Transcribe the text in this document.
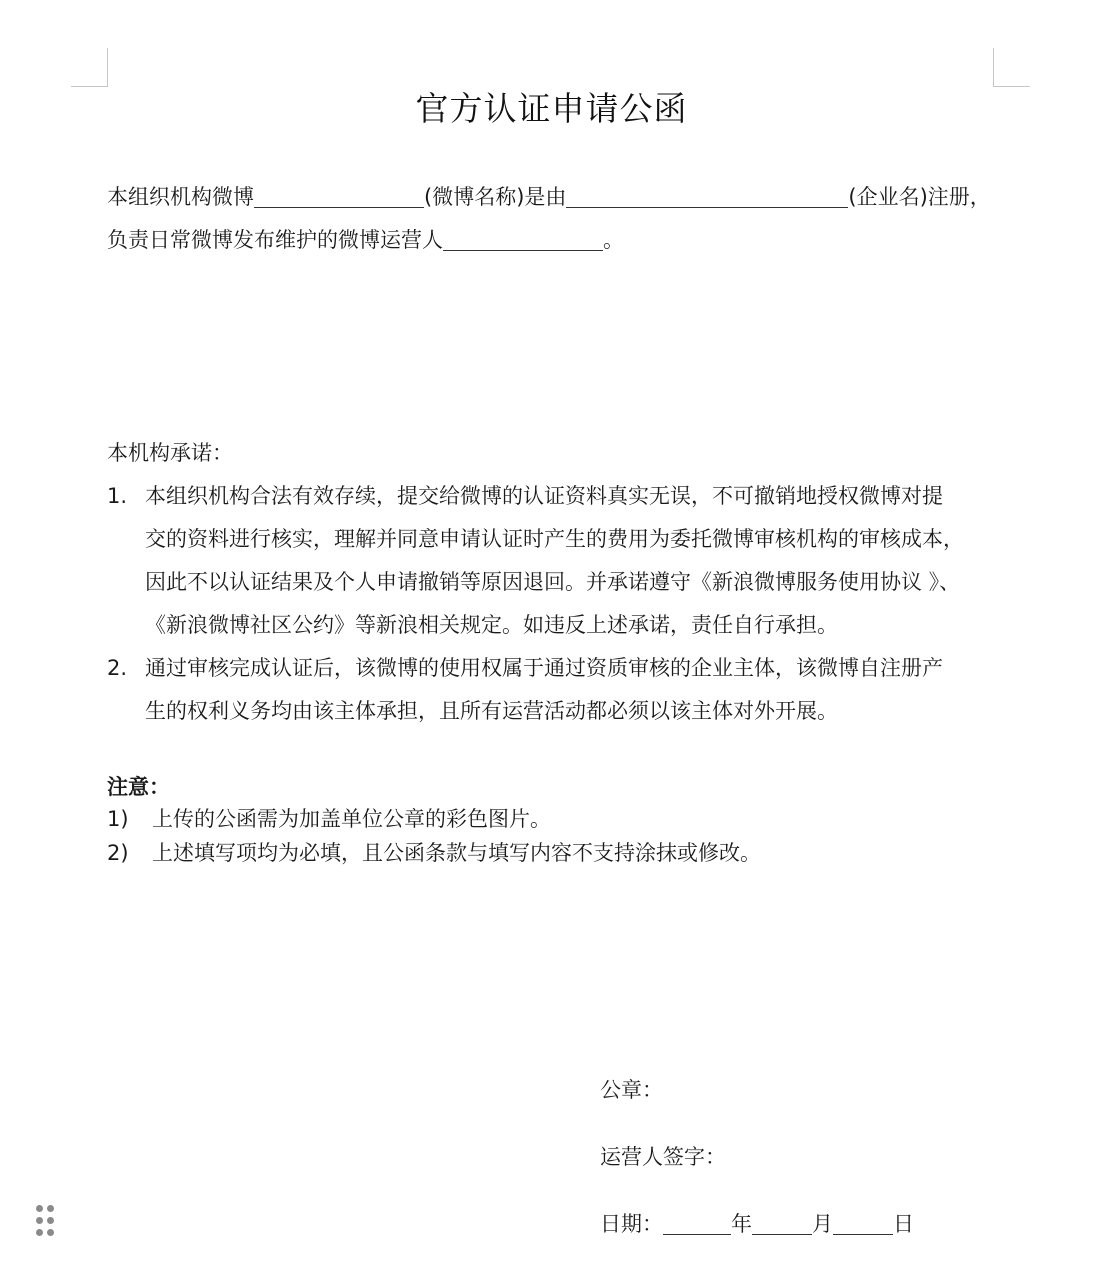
官方认证申请公函
本组织机构微博	(微博名称)是由	(企业名)注册，
负责日常微博发布维护的微博运营人	。
本机构承诺：
1. 本组织机构合法有效存续，提交给微博的认证资料真实无误，不可撤销地授权微博对提
交的资料进行核实，理解并同意申请认证时产生的费用为委托微博审核机构的审核成本，
因此不以认证结果及个人申请撤销等原因退回。并承诺遵守《新浪微博服务使用协议 》、
《新浪微博社区公约》等新浪相关规定。如违反上述承诺，责任自行承担。
2. 通过审核完成认证后，该微博的使用权属于通过资质审核的企业主体，该微博自注册产
生的权利义务均由该主体承担，且所有运营活动都必须以该主体对外开展。
注意：
1) 上传的公函需为加盖单位公章的彩色图片。
2) 上述填写项均为必填，且公函条款与填写内容不支持涂抹或修改。
公章：
运营人签字：
日期：	年	月	日
